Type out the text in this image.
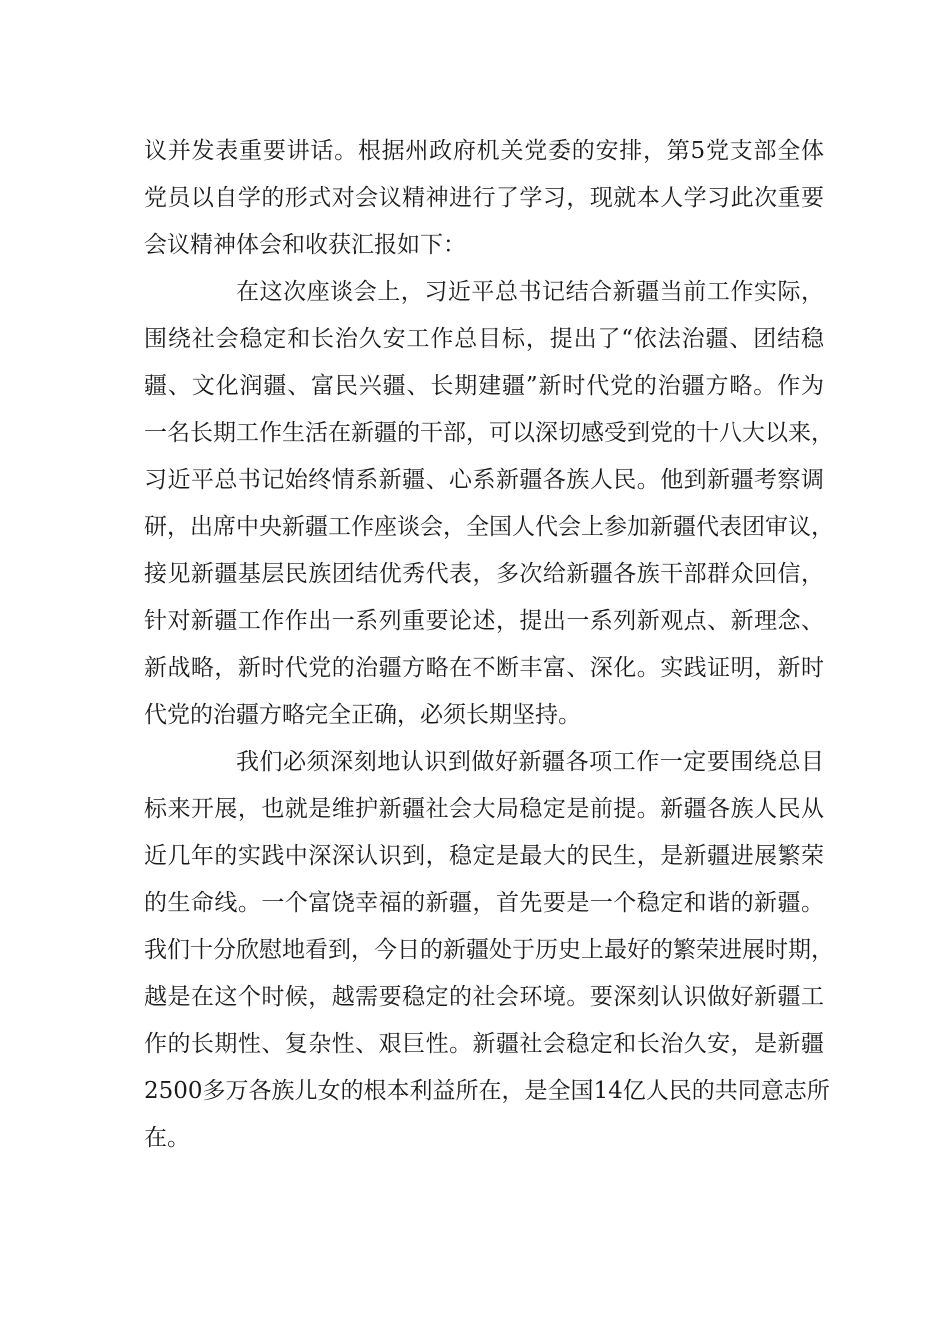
议并发表重要讲话。根据州政府机关党委的安排，第5党支部全体
党员以自学的形式对会议精神进行了学习，现就本人学习此次重要
会议精神体会和收获汇报如下：
在这次座谈会上，习近平总书记结合新疆当前工作实际，
围绕社会稳定和长治久安工作总目标，提出了“依法治疆、团结稳
疆、文化润疆、富民兴疆、长期建疆”新时代党的治疆方略。作为
一名长期工作生活在新疆的干部，可以深切感受到党的十八大以来，
习近平总书记始终情系新疆、心系新疆各族人民。他到新疆考察调
研，出席中央新疆工作座谈会，全国人代会上参加新疆代表团审议，
接见新疆基层民族团结优秀代表，多次给新疆各族干部群众回信，
针对新疆工作作出一系列重要论述，提出一系列新观点、新理念、
新战略，新时代党的治疆方略在不断丰富、深化。实践证明，新时
代党的治疆方略完全正确，必须长期坚持。
我们必须深刻地认识到做好新疆各项工作一定要围绕总目
标来开展，也就是维护新疆社会大局稳定是前提。新疆各族人民从
近几年的实践中深深认识到，稳定是最大的民生，是新疆进展繁荣
的生命线。一个富饶幸福的新疆，首先要是一个稳定和谐的新疆。
我们十分欣慰地看到，今日的新疆处于历史上最好的繁荣进展时期，
越是在这个时候，越需要稳定的社会环境。要深刻认识做好新疆工
作的长期性、复杂性、艰巨性。新疆社会稳定和长治久安，是新疆
2500多万各族儿女的根本利益所在，是全国14亿人民的共同意志所
在。
